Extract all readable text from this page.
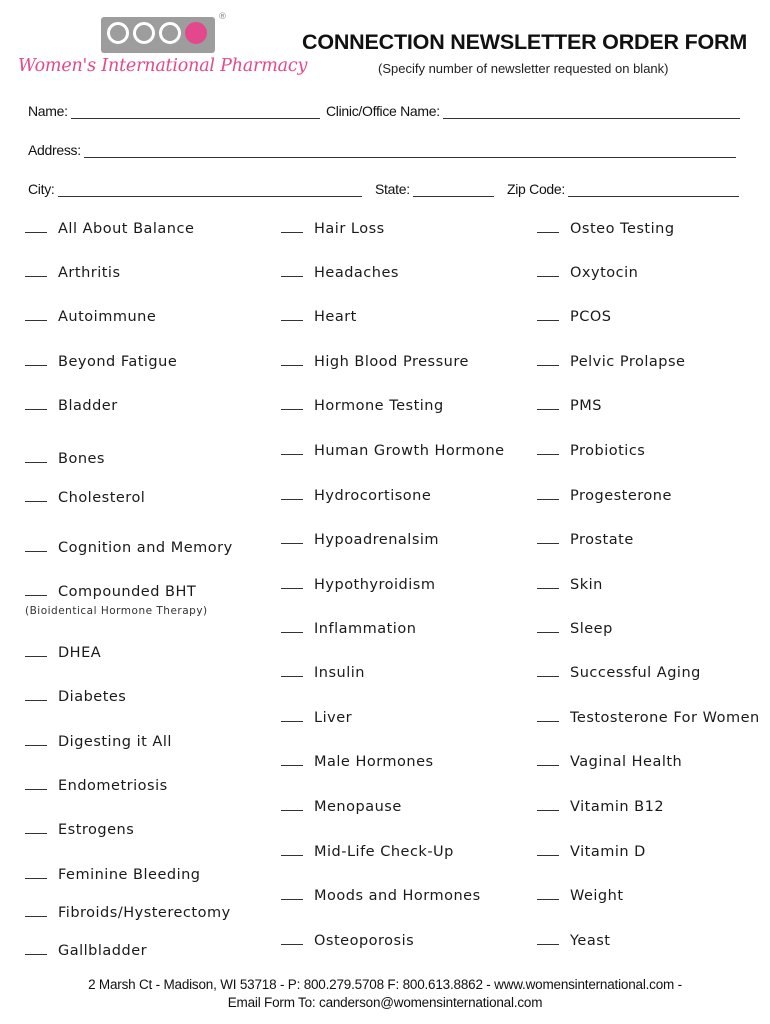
®
Women's International Pharmacy
CONNECTION NEWSLETTER ORDER FORM
(Specify number of newsletter requested on blank)
Name:	Clinic/Office Name:
Address:
City:	State:	Zip Code:
All About Balance
Arthritis
Autoimmune
Beyond Fatigue
Bladder
Bones
Cholesterol
Cognition and Memory
Compounded BHT
(Bioidentical Hormone Therapy)
DHEA
Diabetes
Digesting it All
Endometriosis
Estrogens
Feminine Bleeding
Fibroids/Hysterectomy
Gallbladder
Hair Loss
Headaches
Heart
High Blood Pressure
Hormone Testing
Human Growth Hormone
Hydrocortisone
Hypoadrenalsim
Hypothyroidism
Inflammation
Insulin
Liver
Male Hormones
Menopause
Mid-Life Check-Up
Moods and Hormones
Osteoporosis
Osteo Testing
Oxytocin
PCOS
Pelvic Prolapse
PMS
Probiotics
Progesterone
Prostate
Skin
Sleep
Successful Aging
Testosterone For Women
Vaginal Health
Vitamin B12
Vitamin D
Weight
Yeast
2 Marsh Ct - Madison, WI 53718 - P: 800.279.5708 F: 800.613.8862 - www.womensinternational.com -
Email Form To: canderson@womensinternational.com
